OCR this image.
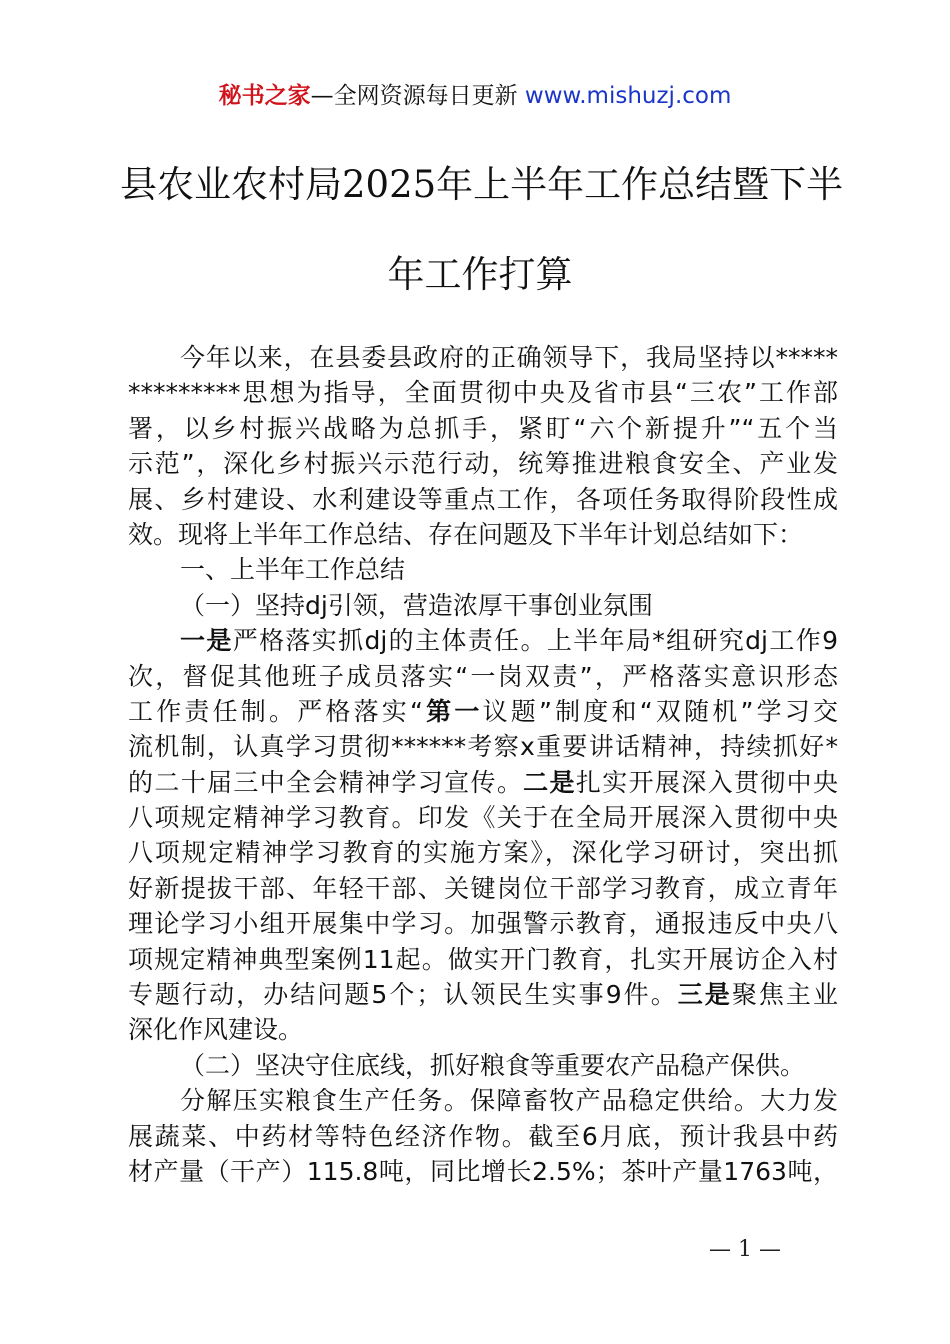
秘书之家—全网资源每日更新 www.mishuzj.com
县农业农村局2025年上半年工作总结暨下半
年工作打算
今年以来，在县委县政府的正确领导下，我局坚持以*****
*********思想为指导，全面贯彻中央及省市县“三农”工作部
署，以乡村振兴战略为总抓手，紧盯“六个新提升”“五个当
示范”，深化乡村振兴示范行动，统筹推进粮食安全、产业发
展、乡村建设、水利建设等重点工作，各项任务取得阶段性成
效。现将上半年工作总结、存在问题及下半年计划总结如下：
一、上半年工作总结
（一）坚持dj引领，营造浓厚干事创业氛围
一是严格落实抓dj的主体责任。上半年局*组研究dj工作9
次，督促其他班子成员落实“一岗双责”，严格落实意识形态
工作责任制。严格落实“第一议题”制度和“双随机”学习交
流机制，认真学习贯彻******考察x重要讲话精神，持续抓好*
的二十届三中全会精神学习宣传。二是扎实开展深入贯彻中央
八项规定精神学习教育。印发《关于在全局开展深入贯彻中央
八项规定精神学习教育的实施方案》，深化学习研讨，突出抓
好新提拔干部、年轻干部、关键岗位干部学习教育，成立青年
理论学习小组开展集中学习。加强警示教育，通报违反中央八
项规定精神典型案例11起。做实开门教育，扎实开展访企入村
专题行动，办结问题5个；认领民生实事9件。三是聚焦主业
深化作风建设。
（二）坚决守住底线，抓好粮食等重要农产品稳产保供。
分解压实粮食生产任务。保障畜牧产品稳定供给。大力发
展蔬菜、中药材等特色经济作物。截至6月底，预计我县中药
材产量（干产）115.8吨，同比增长2.5%；茶叶产量1763吨，
— 1 —
